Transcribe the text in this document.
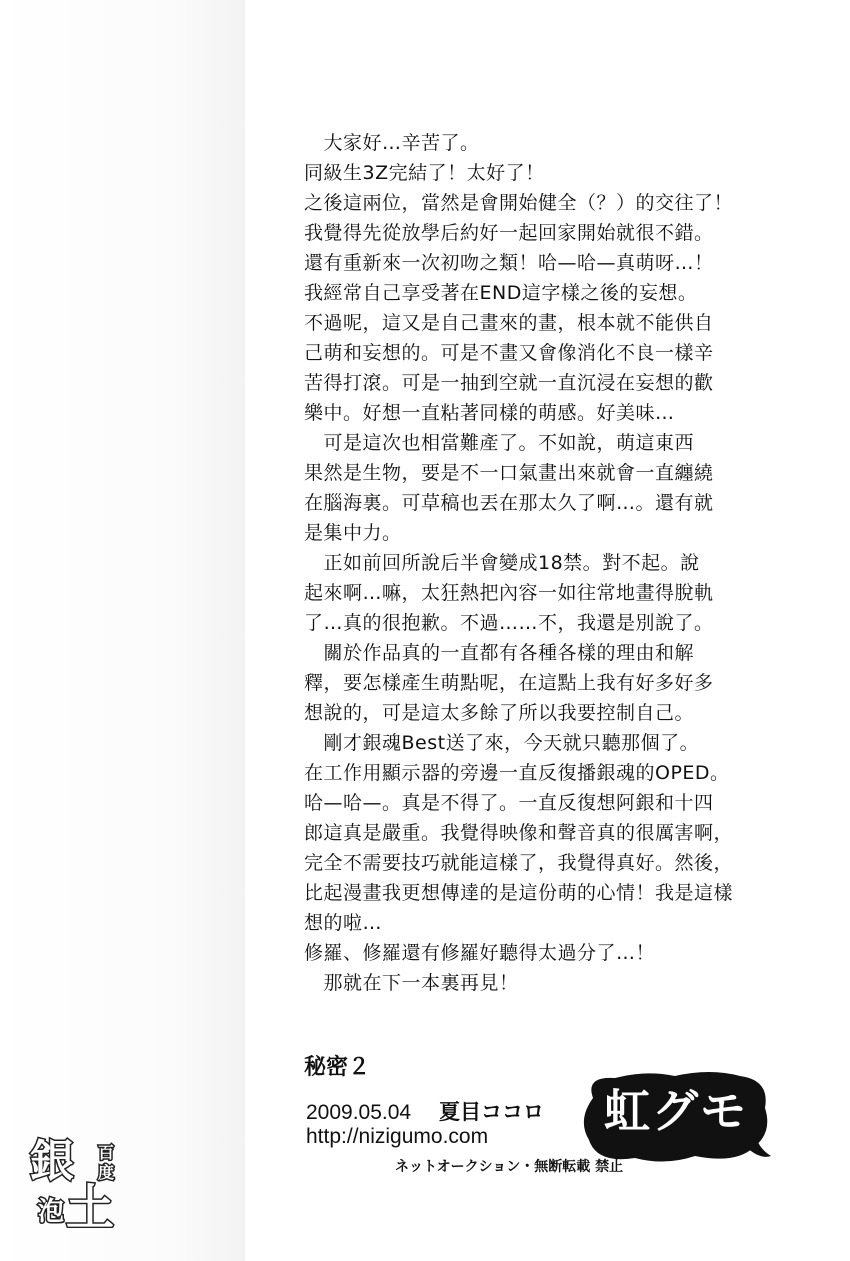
　大家好…辛苦了。
同級生3Z完結了！太好了！
之後這兩位，當然是會開始健全（？）的交往了！
我覺得先從放學后約好一起回家開始就很不錯。
還有重新來一次初吻之類！哈—哈—真萌呀…！
我經常自己享受著在END這字樣之後的妄想。
不過呢，這又是自己畫來的畫，根本就不能供自
己萌和妄想的。可是不畫又會像消化不良一樣辛
苦得打滾。可是一抽到空就一直沉浸在妄想的歡
樂中。好想一直粘著同樣的萌感。好美味…
　可是這次也相當難產了。不如說，萌這東西
果然是生物，要是不一口氣畫出來就會一直纏繞
在腦海裏。可草稿也丟在那太久了啊…。還有就
是集中力。
　正如前回所說后半會變成18禁。對不起。說
起來啊…嘛，太狂熱把內容一如往常地畫得脫軌
了…真的很抱歉。不過……不，我還是別說了。
　關於作品真的一直都有各種各樣的理由和解
釋，要怎樣產生萌點呢，在這點上我有好多好多
想說的，可是這太多餘了所以我要控制自己。
　剛才銀魂Best送了來，今天就只聽那個了。
在工作用顯示器的旁邊一直反復播銀魂的OPED。
哈—哈—。真是不得了。一直反復想阿銀和十四
郎這真是嚴重。我覺得映像和聲音真的很厲害啊，
完全不需要技巧就能這樣了，我覺得真好。然後，
比起漫畫我更想傳達的是這份萌的心情！我是這樣
想的啦…
修羅、修羅還有修羅好聽得太過分了…！
　那就在下一本裏再見！
秘密２
2009.05.04 夏目ココロ
http://nizigumo.com
ネットオークション・無断転載 禁止
虹グモ
銀
土
百
度
泡
